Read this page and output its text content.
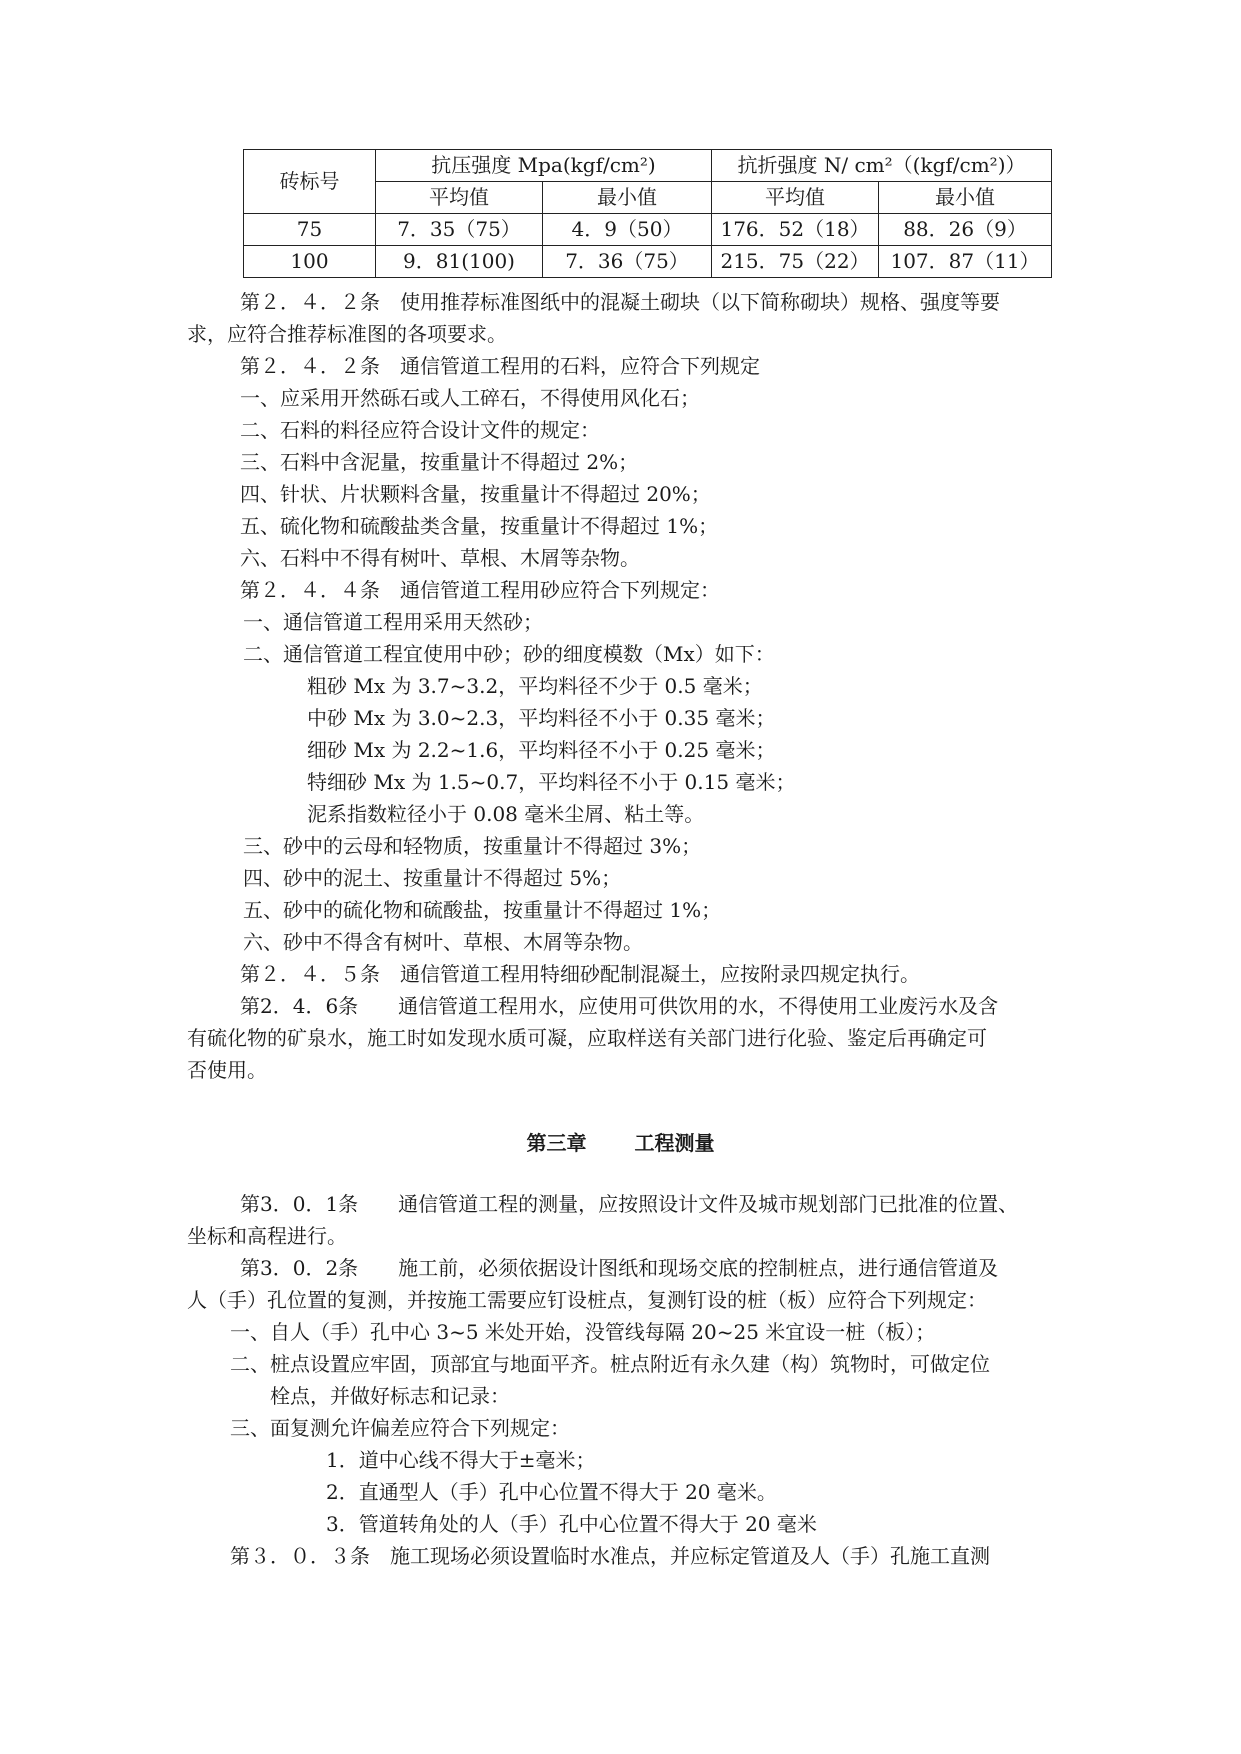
砖标号	抗压强度 Mpa(kgf/cm²)		抗折强度 N/ cm²（(kgf/cm²)）	
	平均值	最小值	平均值	最小值
75	7．35（75）	4．9（50）	176．52（18）	88．26（9）
100	9．81(100)	7．36（75）	215．75（22）	107．87（11）
第２．４．２条　使用推荐标准图纸中的混凝土砌块（以下简称砌块）规格、强度等要
求，应符合推荐标准图的各项要求。
第２．４．２条　通信管道工程用的石料，应符合下列规定
一、应采用开然砾石或人工碎石，不得使用风化石；
二、石料的料径应符合设计文件的规定：
三、石料中含泥量，按重量计不得超过 2%；
四、针状、片状颗料含量，按重量计不得超过 20%；
五、硫化物和硫酸盐类含量，按重量计不得超过 1%；
六、石料中不得有树叶、草根、木屑等杂物。
第２．４．４条　通信管道工程用砂应符合下列规定：
一、通信管道工程用采用天然砂；
二、通信管道工程宜使用中砂；砂的细度模数（Mx）如下：
粗砂 Mx 为 3.7~3.2，平均料径不少于 0.5 毫米；
中砂 Mx 为 3.0~2.3，平均料径不小于 0.35 毫米；
细砂 Mx 为 2.2~1.6，平均料径不小于 0.25 毫米；
特细砂 Mx 为 1.5~0.7，平均料径不小于 0.15 毫米；
泥系指数粒径小于 0.08 毫米尘屑、粘土等。
三、砂中的云母和轻物质，按重量计不得超过 3%；
四、砂中的泥土、按重量计不得超过 5%；
五、砂中的硫化物和硫酸盐，按重量计不得超过 1%；
六、砂中不得含有树叶、草根、木屑等杂物。
第２．４．５条　通信管道工程用特细砂配制混凝土，应按附录四规定执行。
第2．4．6条　　通信管道工程用水，应使用可供饮用的水，不得使用工业废污水及含
有硫化物的矿泉水，施工时如发现水质可凝，应取样送有关部门进行化验、鉴定后再确定可
否使用。
第三章 工程测量
第3．0．1条　　通信管道工程的测量，应按照设计文件及城市规划部门已批准的位置、
坐标和高程进行。
第3．0．2条　　施工前，必须依据设计图纸和现场交底的控制桩点，进行通信管道及
人（手）孔位置的复测，并按施工需要应钉设桩点，复测钉设的桩（板）应符合下列规定：
一、自人（手）孔中心 3~5 米处开始，没管线每隔 20~25 米宜设一桩（板）；
二、桩点设置应牢固，顶部宜与地面平齐。桩点附近有永久建（构）筑物时，可做定位
栓点，并做好标志和记录：
三、面复测允许偏差应符合下列规定：
1．道中心线不得大于±毫米；
2．直通型人（手）孔中心位置不得大于 20 毫米。
3．管道转角处的人（手）孔中心位置不得大于 20 毫米
第３．０．３条　施工现场必须设置临时水准点，并应标定管道及人（手）孔施工直测
